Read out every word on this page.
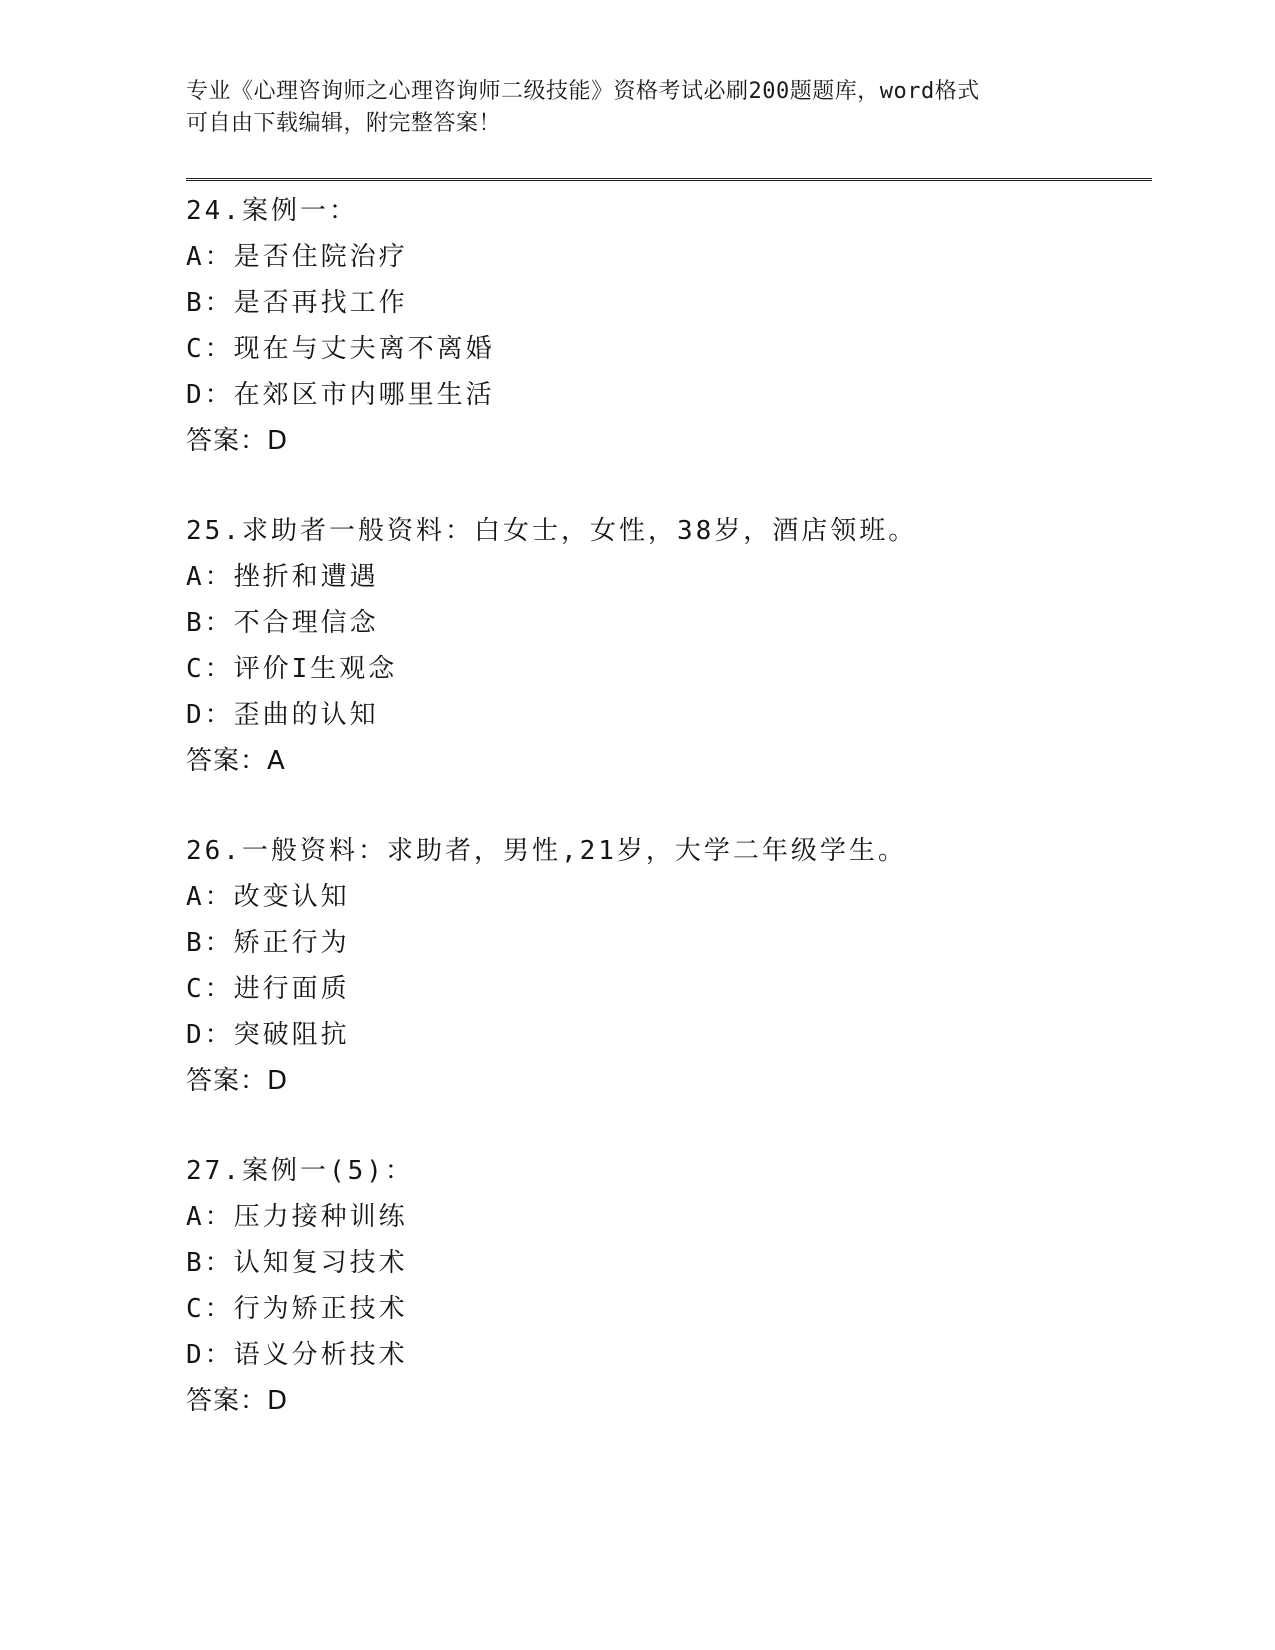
专业《心理咨询师之心理咨询师二级技能》资格考试必刷200题题库，word格式
可自由下载编辑，附完整答案！
24.案例一：
A：是否住院治疗
B：是否再找工作
C：现在与丈夫离不离婚
D：在郊区市内哪里生活
答案：D
25.求助者一般资料：白女士，女性，38岁，酒店领班。
A：挫折和遭遇
B：不合理信念
C：评价I生观念
D：歪曲的认知
答案：A
26.一般资料：求助者，男性,21岁，大学二年级学生。
A：改变认知
B：矫正行为
C：进行面质
D：突破阻抗
答案：D
27.案例一(5)：
A：压力接种训练
B：认知复习技术
C：行为矫正技术
D：语义分析技术
答案：D
